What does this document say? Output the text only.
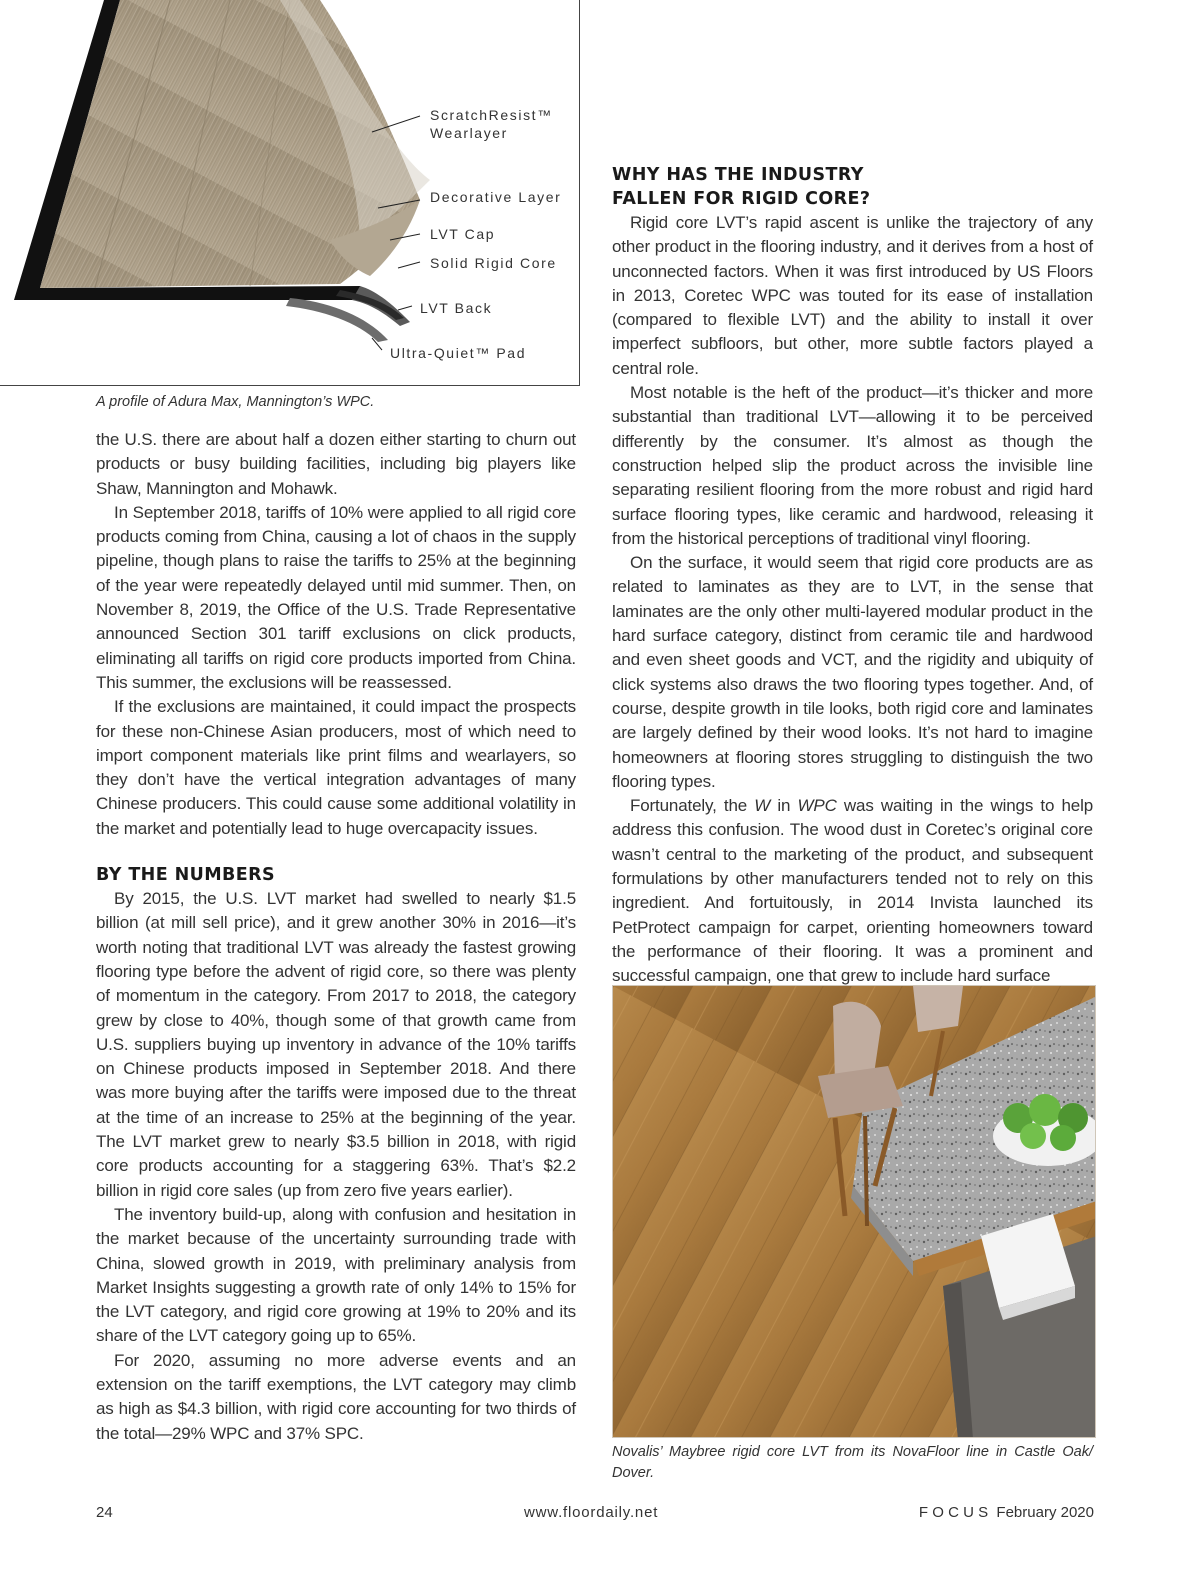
ScratchResist™
Wearlayer
Decorative Layer
LVT Cap
Solid Rigid Core
LVT Back
Ultra-Quiet™ Pad
A profile of Adura Max, Mannington’s WPC.

the U.S. there are about half a dozen either starting to churn out products or busy building facilities, including big players like Shaw, Mannington and Mohawk.

In September 2018, tariffs of 10% were applied to all rigid core products coming from China, causing a lot of chaos in the supply pipeline, though plans to raise the tariffs to 25% at the beginning of the year were repeatedly delayed until mid summer. Then, on November 8, 2019, the Office of the U.S. Trade Representative announced Section 301 tariff exclusions on click products, eliminating all tariffs on rigid core products imported from China. This summer, the exclusions will be reassessed.

If the exclusions are maintained, it could impact the prospects for these non-Chinese Asian producers, most of which need to import component materials like print films and wearlayers, so they don’t have the vertical integration advantages of many Chinese producers. This could cause some additional volatility in the market and potentially lead to huge overcapacity issues.

BY THE NUMBERS

By 2015, the U.S. LVT market had swelled to nearly $1.5 billion (at mill sell price), and it grew another 30% in 2016—it’s worth noting that traditional LVT was already the fastest growing flooring type before the advent of rigid core, so there was plenty of momentum in the category. From 2017 to 2018, the category grew by close to 40%, though some of that growth came from U.S. suppliers buying up inventory in advance of the 10% tariffs on Chinese products imposed in September 2018. And there was more buying after the tariffs were imposed due to the threat at the time of an increase to 25% at the beginning of the year. The LVT market grew to nearly $3.5 billion in 2018, with rigid core products accounting for a staggering 63%. That’s $2.2 billion in rigid core sales (up from zero five years earlier).

The inventory build-up, along with confusion and hesitation in the market because of the uncertainty surrounding trade with China, slowed growth in 2019, with preliminary analysis from Market Insights suggesting a growth rate of only 14% to 15% for the LVT category, and rigid core growing at 19% to 20% and its share of the LVT category going up to 65%.

For 2020, assuming no more adverse events and an extension on the tariff exemptions, the LVT category may climb as high as $4.3 billion, with rigid core accounting for two thirds of the total—29% WPC and 37% SPC.

WHY HAS THE INDUSTRY
FALLEN FOR RIGID CORE?

Rigid core LVT’s rapid ascent is unlike the trajectory of any other product in the flooring industry, and it derives from a host of unconnected factors. When it was first introduced by US Floors in 2013, Coretec WPC was touted for its ease of installation (compared to flexible LVT) and the ability to install it over imperfect subfloors, but other, more subtle factors played a central role.

Most notable is the heft of the product—it’s thicker and more substantial than traditional LVT—allowing it to be perceived differently by the consumer. It’s almost as though the construction helped slip the product across the invisible line separating resilient flooring from the more robust and rigid hard surface flooring types, like ceramic and hardwood, releasing it from the historical perceptions of traditional vinyl flooring.

On the surface, it would seem that rigid core products are as related to laminates as they are to LVT, in the sense that laminates are the only other multi-layered modular product in the hard surface category, distinct from ceramic tile and hardwood and even sheet goods and VCT, and the rigidity and ubiquity of click systems also draws the two flooring types together. And, of course, despite growth in tile looks, both rigid core and laminates are largely defined by their wood looks. It’s not hard to imagine homeowners at flooring stores struggling to distinguish the two flooring types.

Fortunately, the W in WPC was waiting in the wings to help address this confusion. The wood dust in Coretec’s original core wasn’t central to the marketing of the product, and subsequent formulations by other manufacturers tended not to rely on this ingredient. And fortuitously, in 2014 Invista launched its PetProtect campaign for carpet, orienting homeowners toward the performance of their flooring. It was a prominent and successful campaign, one that grew to include hard surface

Novalis’ Maybree rigid core LVT from its NovaFloor line in Castle Oak/ Dover.
24	www.floordaily.net	F O C U S  February 2020
